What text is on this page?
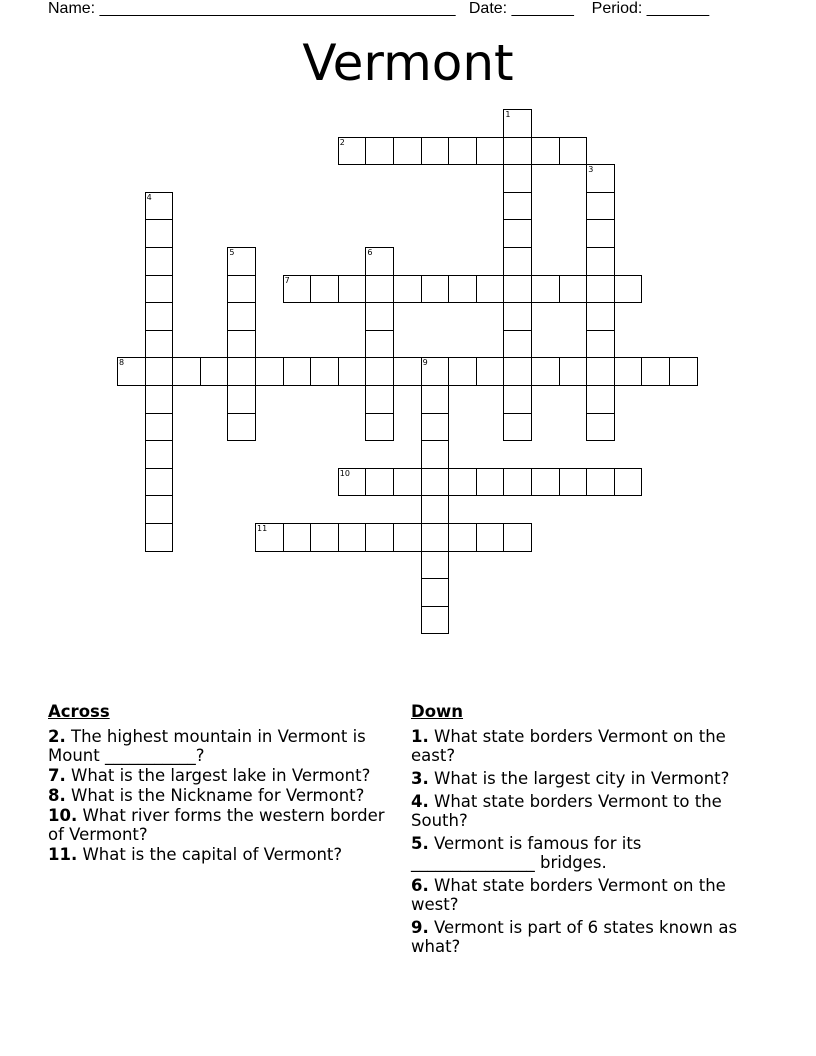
Name: ________________________________________ Date: _______ Period: _______
Vermont
1
2
3
4
5	6
7
8	9
10
11
Across
2. The highest mountain in Vermont is Mount ___________?
7. What is the largest lake in Vermont?
8. What is the Nickname for Vermont?
10. What river forms the western border of Vermont?
11. What is the capital of Vermont?
Down
1. What state borders Vermont on the east?
3. What is the largest city in Vermont?
4. What state borders Vermont to the South?
5. Vermont is famous for its _______________ bridges.
6. What state borders Vermont on the west?
9. Vermont is part of 6 states known as what?
